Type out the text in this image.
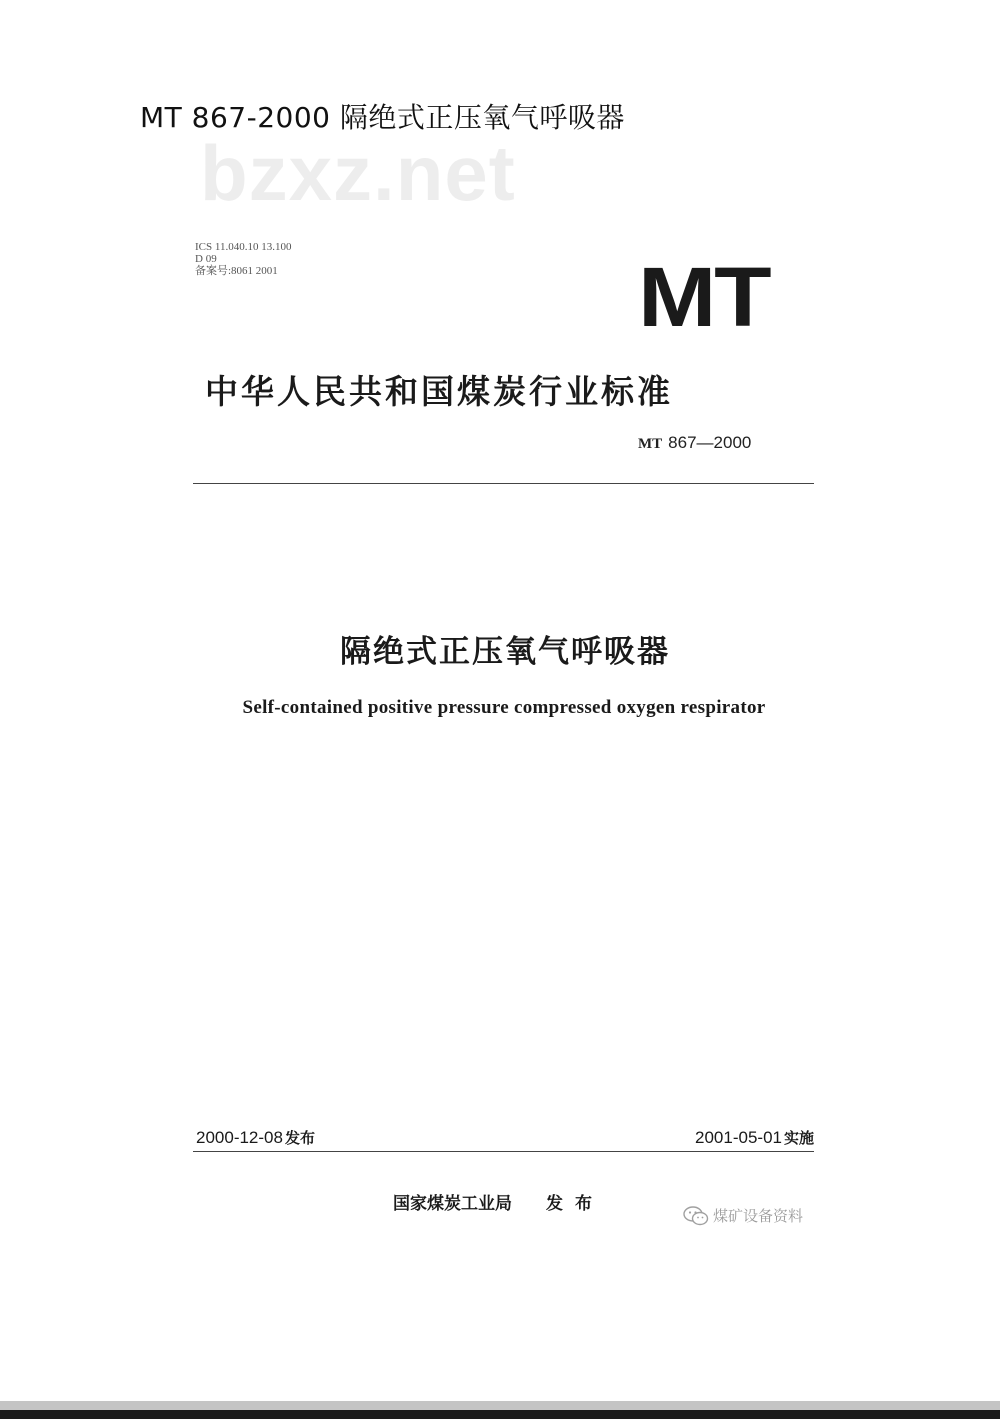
MT 867-2000 隔绝式正压氧气呼吸器
bzxz.net
ICS 11.040.10 13.100
D 09
备案号:8061 2001	MT
中华人民共和国煤炭行业标准
MT 867—2000
隔绝式正压氧气呼吸器
Self-contained positive pressure compressed oxygen respirator
2000-12-08 发布	2001-05-01 实施
国家煤炭工业局 发布
煤矿设备资料
